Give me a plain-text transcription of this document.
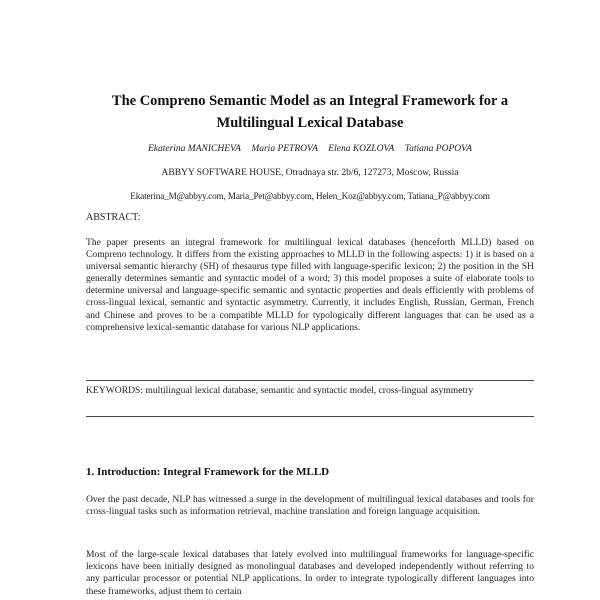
The Compreno Semantic Model as an Integral Framework for a Multilingual Lexical Database
Ekaterina MANICHEVA Maria PETROVA Elena KOZLOVA Tatiana POPOVA
ABBYY SOFTWARE HOUSE, Otradnaya str. 2b/6, 127273, Moscow, Russia
Ekaterina_M@abbyy.com, Maria_Pet@abbyy.com, Helen_Koz@abbyy.com, Tatiana_P@abbyy.com
ABSTRACT:
The paper presents an integral framework for multilingual lexical databases (henceforth MLLD) based on Compreno technology. It differs from the existing approaches to MLLD in the following aspects: 1) it is based on a universal semantic hierarchy (SH) of thesaurus type filled with language-specific lexicon; 2) the position in the SH generally determines semantic and syntactic model of a word; 3) this model proposes a suite of elaborate tools to determine universal and language-specific semantic and syntactic properties and deals efficiently with problems of cross-lingual lexical, semantic and syntactic asymmetry. Currently, it includes English, Russian, German, French and Chinese and proves to be a compatible MLLD for typologically different languages that can be used as a comprehensive lexical-semantic database for various NLP applications.
KEYWORDS: multilingual lexical database, semantic and syntactic model, cross-lingual asymmetry
1. Introduction: Integral Framework for the MLLD
Over the past decade, NLP has witnessed a surge in the development of multilingual lexical databases and tools for cross-lingual tasks such as information retrieval, machine translation and foreign language acquisition.
Most of the large-scale lexical databases that lately evolved into multilingual frameworks for language-specific lexicons have been initially designed as monolingual databases and developed independently without referring to any particular processor or potential NLP applications. In order to integrate typologically different languages into these frameworks, adjust them to certain
